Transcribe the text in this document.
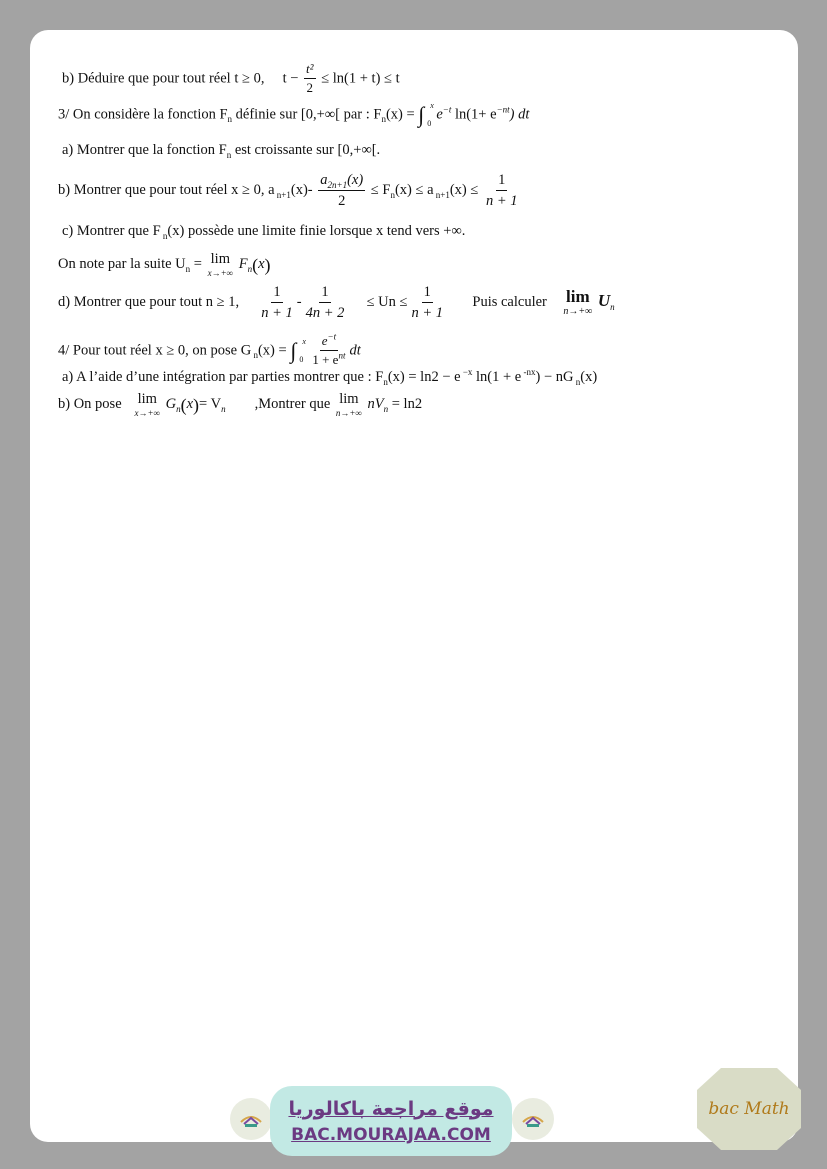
b) Déduire que pour tout réel t ≥ 0, $t - \frac{\text{t²}}{2} \le \ln(1 + t) \le t$
3/ On considère la fonction $F_n$ définie sur [0,+∞[ par : $F_n(x)$ = ∫ 0
x
$e^{-t}$ $\ln(1+ e^{-nt})$ dt
a) Montrer que la fonction $F_n$ est croissante sur [0,+∞[.
b) Montrer que pour tout réel x ≥ 0, a $_{n+1}(x)- \frac{a_{2n+1}(x)}{2} \le F_n(x) \le a$ $_{n+1}(x) \le \frac{1}{n + 1}$
c) Montrer que F $_n$(x) possède une limite finie lorsque x tend vers +∞.
On note par la suite $U_n = \lim$
x→+∞
$F_n(x)$
d) Montrer que pour tout n ≥ 1, $\frac{1}{n + 1} - \frac{1}{4n + 2} \le Un \le \frac{1}{n + 1}$ Puis calculer lim
n→+∞
$U_n$
4/ Pour tout réel x ≥ 0, on pose G $_n$(x) = ∫ 0
x $\frac{e^{-t}}{1 + e^{nt}}$ dt
a) A l’aide d’une intégration par parties montrer que : $F_n(x) = \ln 2 - e$ $^{-x}$ ln(1 + e $^{-nx}$) − nG $_n$(x)
b) On pose lim
x→+∞
$G_n(x)= V_n$ ,Montrer que lim
n→+∞
$nV_n = \ln 2$
موقع مراجعة باكالوريا
BAC.MOURAJAA.COM
bac Math
